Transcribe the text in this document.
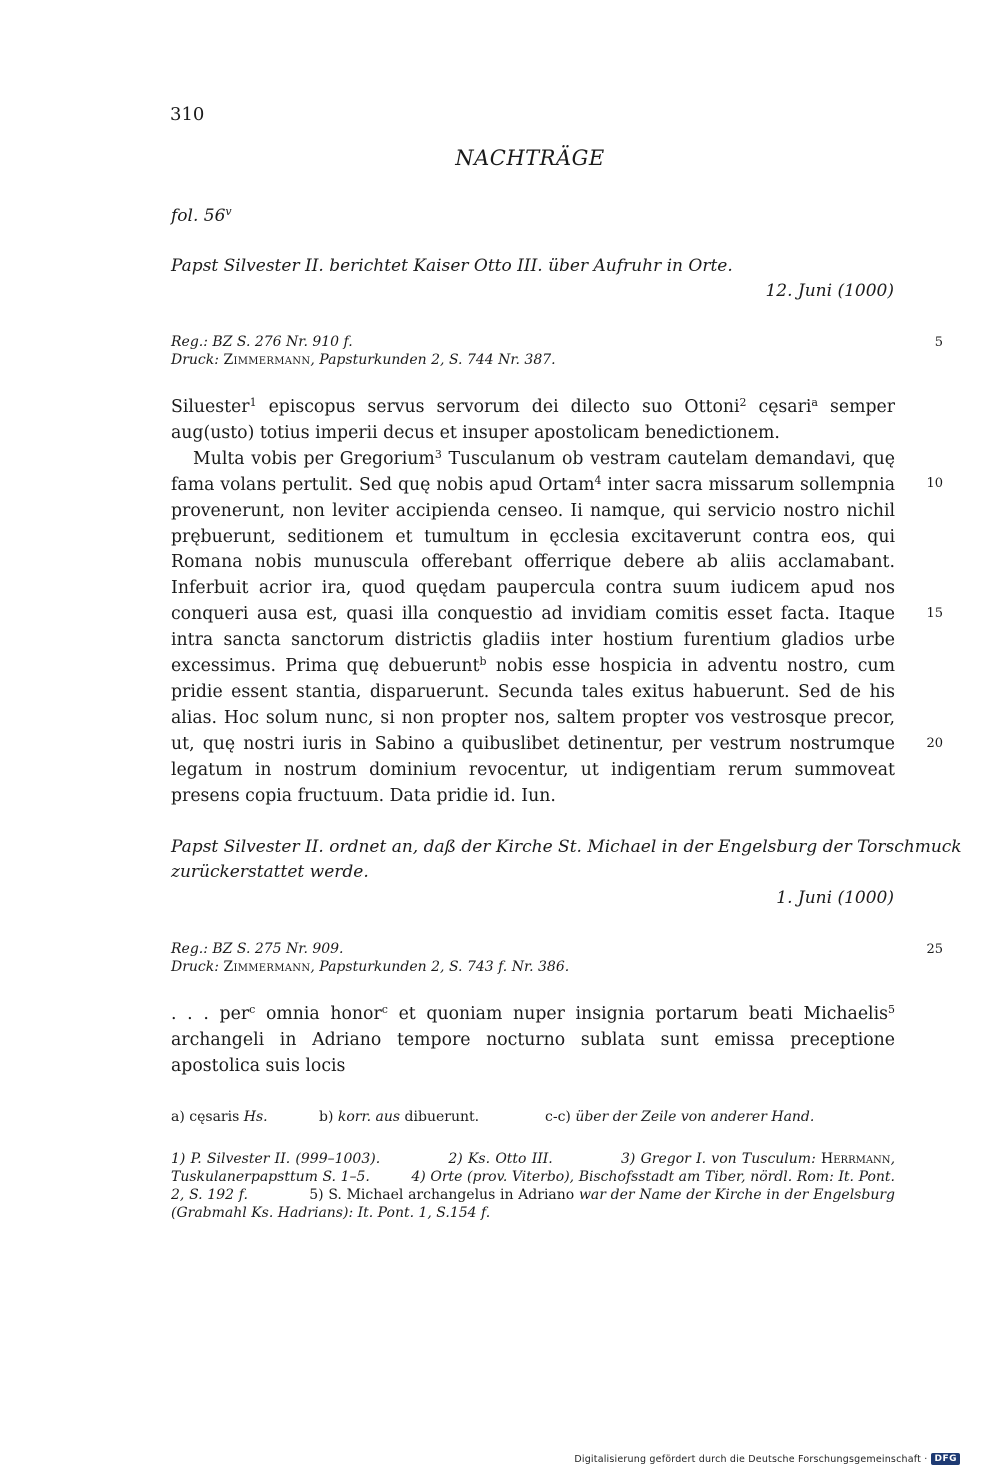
310
NACHTRÄGE
fol. 56$^v$
Papst Silvester II. berichtet Kaiser Otto III. über Aufruhr in Orte.
12. Juni (1000)
Reg.: BZ S. 276 Nr. 910 f.
Druck: Zimmermann, Papsturkunden 2, S. 744 Nr. 387.
5

Siluester$^1$ episcopus servus servorum dei dilecto suo Ottoni$^2$ cęsari$^a$ semper aug(usto) totius imperii decus et insuper apostolicam benedictionem.

Multa vobis per Gregorium$^3$ Tusculanum ob vestram cautelam demandavi, quę fama volans pertulit. Sed quę nobis apud Ortam$^4$ inter sacra missarum sollempnia provenerunt, non leviter accipienda censeo. Ii namque, qui servicio nostro nichil prębuerunt, seditionem et tumultum in ęcclesia excitaverunt contra eos, qui Romana nobis munuscula offerebant offerrique debere ab aliis acclamabant. Inferbuit acrior ira, quod quędam paupercula contra suum iudicem apud nos conqueri ausa est, quasi illa conquestio ad invidiam comitis esset facta. Itaque intra sancta sanctorum districtis gladiis inter hostium furentium gladios urbe excessimus. Prima quę debuerunt$^b$ nobis esse hospicia in adventu nostro, cum pridie essent stantia, disparuerunt. Secunda tales exitus habuerunt. Sed de his alias. Hoc solum nunc, si non propter nos, saltem propter vos vestrosque precor, ut, quę nostri iuris in Sabino a quibuslibet detinentur, per vestrum nostrumque legatum in nostrum dominium revocentur, ut indigentiam rerum summoveat presens copia fructuum. Data pridie id. Iun.

10
15
20
Papst Silvester II. ordnet an, daß der Kirche St. Michael in der Engelsburg der Torschmuck
zurückerstattet werde.
1. Juni (1000)
Reg.: BZ S. 275 Nr. 909.
Druck: Zimmermann, Papsturkunden 2, S. 743 f. Nr. 386.
25

. . . per$^c$ omnia honor$^c$ et quoniam nuper insignia portarum beati Michaelis$^5$ archangeli in Adriano tempore nocturno sublata sunt emissa preceptione apostolica suis locis

a) cęsaris Hs.	b) korr. aus dibuerunt.	c-c) über der Zeile von anderer Hand.
1) P. Silvester II. (999–1003).	2) Ks. Otto III.	3) Gregor I. von Tusculum: Herrmann, Tuskulanerpapsttum S. 1–5.	4) Orte (prov. Viterbo), Bischofsstadt am Tiber, nördl. Rom: It. Pont. 2, S. 192 f.	5) S. Michael archangelus in Adriano war der Name der Kirche in der Engelsburg (Grabmahl Ks. Hadrians): It. Pont. 1, S.154 f.
Digitalisierung gefördert durch die Deutsche Forschungsgemeinschaft · DFG
